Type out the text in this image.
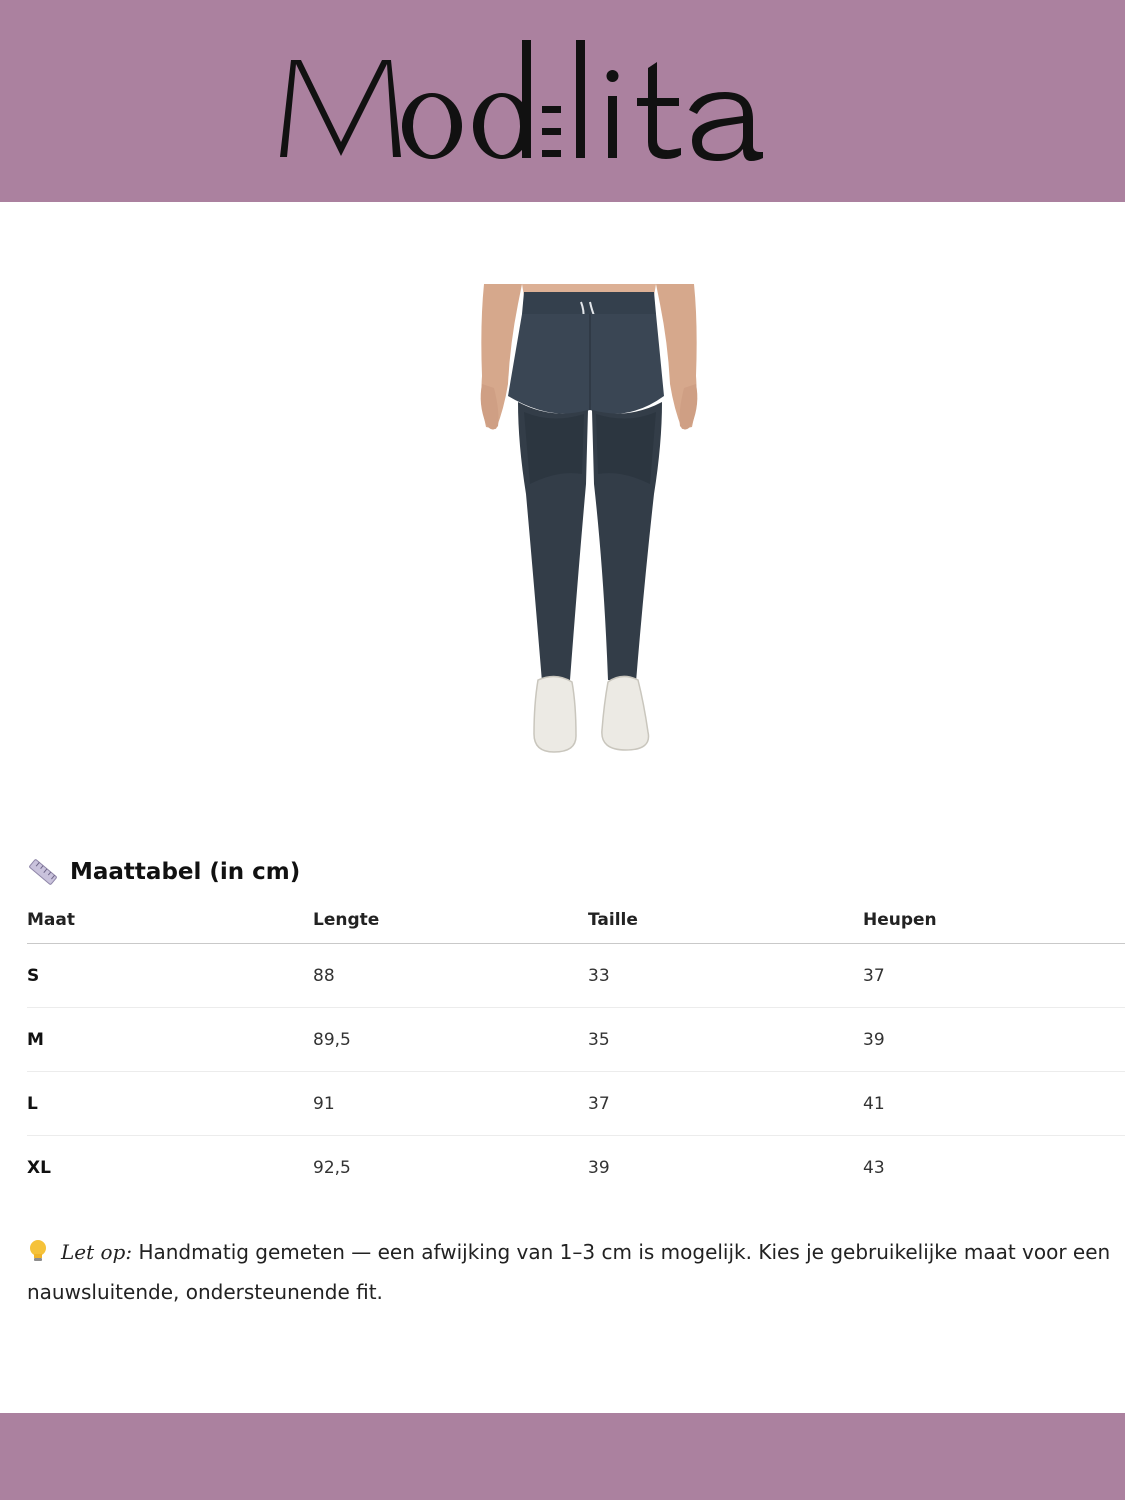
Maattabel (in cm)
Maat	Lengte	Taille	Heupen
S	88	33	37
M	89,5	35	39
L	91	37	41
XL	92,5	39	43
Let op: Handmatig gemeten — een afwijking van 1–3 cm is mogelijk. Kies je gebruikelijke maat voor een nauwsluitende, ondersteunende fit.
